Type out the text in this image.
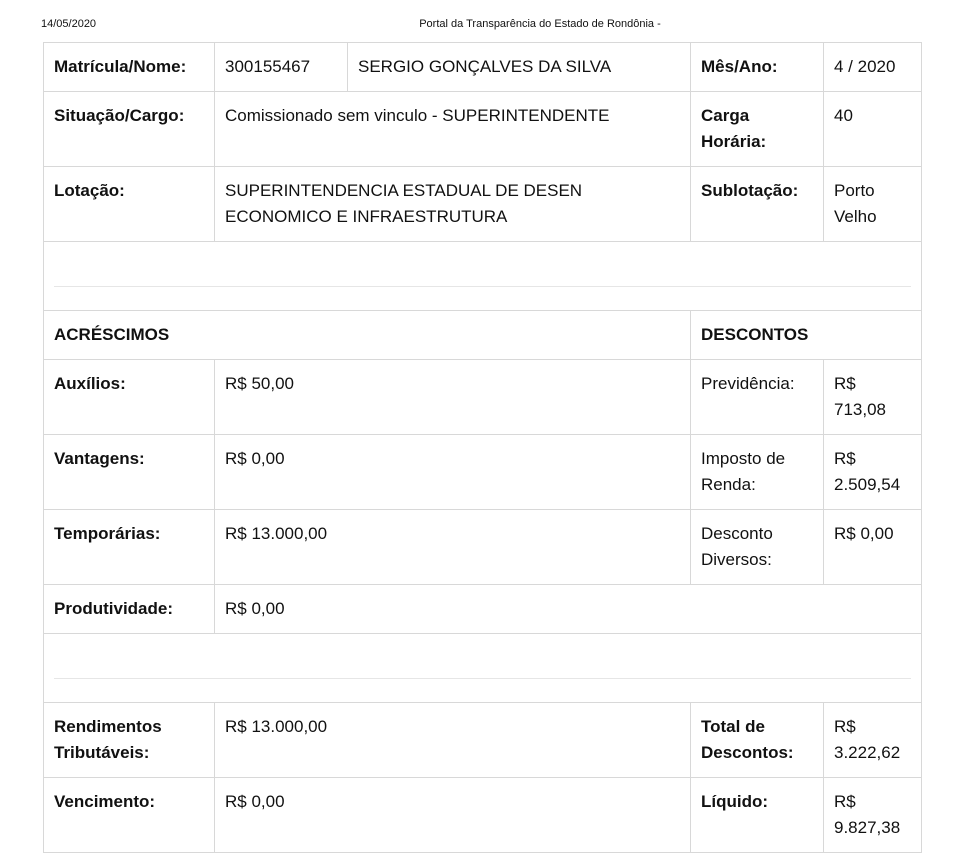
14/05/2020	Portal da Transparência do Estado de Rondônia -
Matrícula/Nome:	300155467	SERGIO GONÇALVES DA SILVA	Mês/Ano:	4 / 2020
Situação/Cargo:	Comissionado sem vinculo - SUPERINTENDENTE		Carga Horária:	40
Lotação:	SUPERINTENDENCIA ESTADUAL DE DESEN ECONOMICO E INFRAESTRUTURA		Sublotação:	Porto Velho

ACRÉSCIMOS			DESCONTOS	
Auxílios:	R$ 50,00		Previdência:	R$ 713,08
Vantagens:	R$ 0,00		Imposto de Renda:	R$ 2.509,54
Temporárias:	R$ 13.000,00		Desconto Diversos:	R$ 0,00
Produtividade:	R$ 0,00			

Rendimentos Tributáveis:	R$ 13.000,00		Total de Descontos:	R$ 3.222,62
Vencimento:	R$ 0,00		Líquido:	R$ 9.827,38
